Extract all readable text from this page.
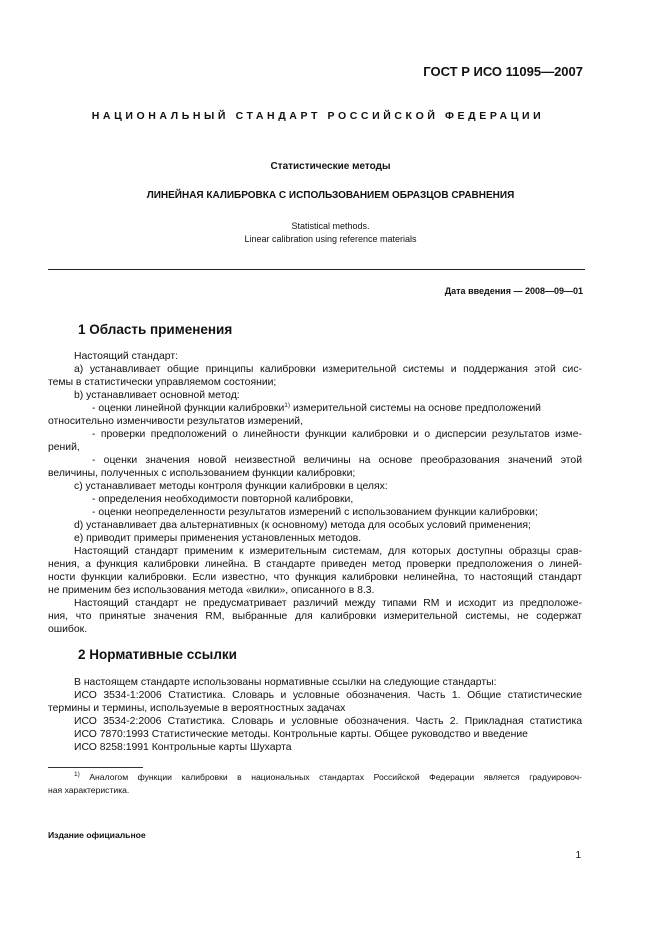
ГОСТ Р ИСО 11095—2007
НАЦИОНАЛЬНЫЙ СТАНДАРТ РОССИЙСКОЙ ФЕДЕРАЦИИ
Статистические методы
ЛИНЕЙНАЯ КАЛИБРОВКА С ИСПОЛЬЗОВАНИЕМ ОБРАЗЦОВ СРАВНЕНИЯ
Statistical methods.
Linear calibration using reference materials
Дата введения — 2008—09—01
1 Область применения
Настоящий стандарт:
а) устанавливает общие принципы калибровки измерительной системы и поддержания этой сис-
темы в статистически управляемом состоянии;
b) устанавливает основной метод:
- оценки линейной функции калибровки$^{1)}$ измерительной системы на основе предположений
относительно изменчивости результатов измерений,
- проверки предположений о линейности функции калибровки и о дисперсии результатов изме-
рений,
- оценки значения новой неизвестной величины на основе преобразования значений этой
величины, полученных с использованием функции калибровки;
с) устанавливает методы контроля функции калибровки в целях:
- определения необходимости повторной калибровки,
- оценки неопределенности результатов измерений с использованием функции калибровки;
d) устанавливает два альтернативных (к основному) метода для особых условий применения;
е) приводит примеры применения установленных методов.
Настоящий стандарт применим к измерительным системам, для которых доступны образцы срав-
нения, а функция калибровки линейна. В стандарте приведен метод проверки предположения о линей-
ности функции калибровки. Если известно, что функция калибровки нелинейна, то настоящий стандарт
не применим без использования метода «вилки», описанного в 8.3.
Настоящий стандарт не предусматривает различий между типами RM и исходит из предположе-
ния, что принятые значения RM, выбранные для калибровки измерительной системы, не содержат
ошибок.
2 Нормативные ссылки
В настоящем стандарте использованы нормативные ссылки на следующие стандарты:
ИСО 3534-1:2006 Статистика. Словарь и условные обозначения. Часть 1. Общие статистические
термины и термины, используемые в вероятностных задачах
ИСО 3534-2:2006 Статистика. Словарь и условные обозначения. Часть 2. Прикладная статистика
ИСО 7870:1993 Статистические методы. Контрольные карты. Общее руководство и введение
ИСО 8258:1991 Контрольные карты Шухарта
$^{1)}$ Аналогом функции калибровки в национальных стандартах Российской Федерации является градуировоч-
ная характеристика.
Издание официальное
1
